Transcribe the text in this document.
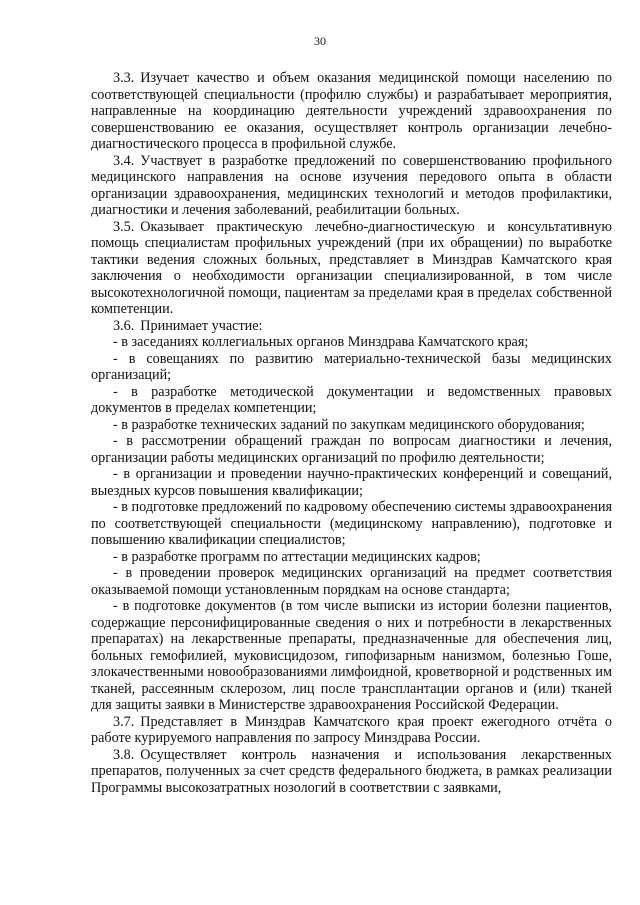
30

3.3. Изучает качество и объем оказания медицинской помощи населению по соответствующей специальности (профилю службы) и разрабатывает мероприятия, направленные на координацию деятельности учреждений здравоохранения по совершенствованию ее оказания, осуществляет контроль организации лечебно-диагностического процесса в профильной службе.

3.4. Участвует в разработке предложений по совершенствованию профильного медицинского направления на основе изучения передового опыта в области организации здравоохранения, медицинских технологий и методов профилактики, диагностики и лечения заболеваний, реабилитации больных.

3.5. Оказывает практическую лечебно-диагностическую и консультативную помощь специалистам профильных учреждений (при их обращении) по выработке тактики ведения сложных больных, представляет в Минздрав Камчатского края заключения о необходимости организации специализированной, в том числе высокотехнологичной помощи, пациентам за пределами края в пределах собственной компетенции.

3.6. Принимает участие:

- в заседаниях коллегиальных органов Минздрава Камчатского края;

- в совещаниях по развитию материально-технической базы медицинских организаций;

- в разработке методической документации и ведомственных правовых документов в пределах компетенции;

- в разработке технических заданий по закупкам медицинского оборудования;

- в рассмотрении обращений граждан по вопросам диагностики и лечения, организации работы медицинских организаций по профилю деятельности;

- в организации и проведении научно-практических конференций и совещаний, выездных курсов повышения квалификации;

- в подготовке предложений по кадровому обеспечению системы здравоохранения по соответствующей специальности (медицинскому направлению), подготовке и повышению квалификации специалистов;

- в разработке программ по аттестации медицинских кадров;

- в проведении проверок медицинских организаций на предмет соответствия оказываемой помощи установленным порядкам на основе стандарта;

- в подготовке документов (в том числе выписки из истории болезни пациентов, содержащие персонифицированные сведения о них и потребности в лекарственных препаратах) на лекарственные препараты, предназначенные для обеспечения лиц, больных гемофилией, муковисцидозом, гипофизарным нанизмом, болезнью Гоше, злокачественными новообразованиями лимфоидной, кроветворной и родственных им тканей, рассеянным склерозом, лиц после трансплантации органов и (или) тканей для защиты заявки в Министерстве здравоохранения Российской Федерации.

3.7. Представляет в Минздрав Камчатского края проект ежегодного отчёта о работе курируемого направления по запросу Минздрава России.

3.8. Осуществляет контроль назначения и использования лекарственных препаратов, полученных за счет средств федерального бюджета, в рамках реализации Программы высокозатратных нозологий в соответствии с заявками,
